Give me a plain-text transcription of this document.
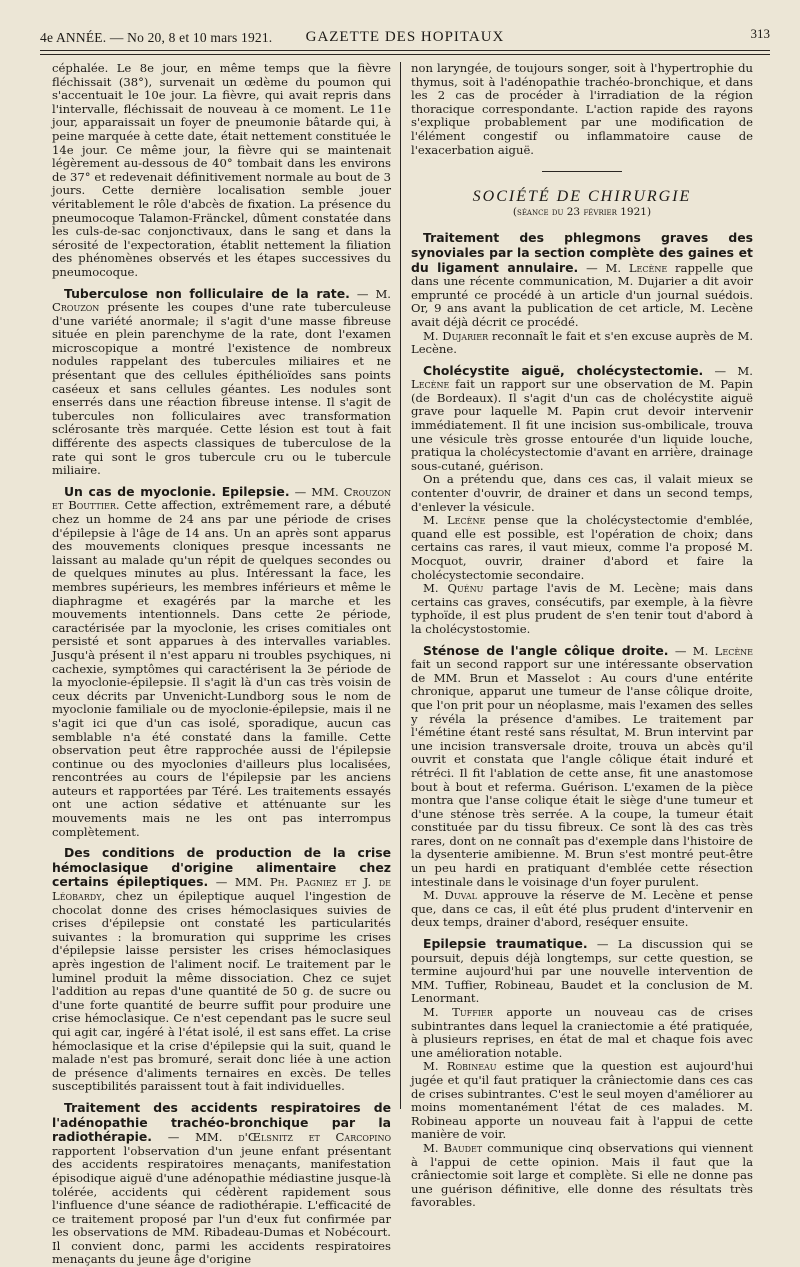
4e ANNÉE. — No 20, 8 et 10 mars 1921.	GAZETTE DES HOPITAUX	313

céphalée. Le 8e jour, en même temps que la fièvre fléchissait (38°), survenait un œdème du poumon qui s'accentuait le 10e jour. La fièvre, qui avait repris dans l'intervalle, fléchissait de nouveau à ce moment. Le 11e jour, apparaissait un foyer de pneumonie bâtarde qui, à peine marquée à cette date, était nettement constituée le 14e jour. Ce même jour, la fièvre qui se maintenait légèrement au-dessous de 40° tombait dans les environs de 37° et redevenait définitivement normale au bout de 3 jours. Cette dernière localisation semble jouer véritablement le rôle d'abcès de fixation. La présence du pneumocoque Talamon-Fränckel, dûment constatée dans les culs-de-sac conjonctivaux, dans le sang et dans la sérosité de l'expectoration, établit nettement la filiation des phénomènes observés et les étapes successives du pneumocoque.

Tuberculose non folliculaire de la rate. — M. Crouzon présente les coupes d'une rate tuberculeuse d'une variété anormale; il s'agit d'une masse fibreuse située en plein parenchyme de la rate, dont l'examen microscopique a montré l'existence de nombreux nodules rappelant des tubercules miliaires et ne présentant que des cellules épithélioïdes sans points caséeux et sans cellules géantes. Les nodules sont enserrés dans une réaction fibreuse intense. Il s'agit de tubercules non folliculaires avec transformation sclérosante très marquée. Cette lésion est tout à fait différente des aspects classiques de tuberculose de la rate qui sont le gros tubercule cru ou le tubercule miliaire.

Un cas de myoclonie. Epilepsie. — MM. Crouzon et Bouttier. Cette affection, extrêmement rare, a débuté chez un homme de 24 ans par une période de crises d'épilepsie à l'âge de 14 ans. Un an après sont apparus des mouvements cloniques presque incessants ne laissant au malade qu'un répit de quelques secondes ou de quelques minutes au plus. Intéressant la face, les membres supérieurs, les membres inférieurs et même le diaphragme et exagérés par la marche et les mouvements intentionnels. Dans cette 2e période, caractérisée par la myoclonie, les crises comitiales ont persisté et sont apparues à des intervalles variables. Jusqu'à présent il n'est apparu ni troubles psychiques, ni cachexie, symptômes qui caractérisent la 3e période de la myoclonie-épilepsie. Il s'agit là d'un cas très voisin de ceux décrits par Unvenicht-Lundborg sous le nom de myoclonie familiale ou de myoclonie-épilepsie, mais il ne s'agit ici que d'un cas isolé, sporadique, aucun cas semblable n'a été constaté dans la famille. Cette observation peut être rapprochée aussi de l'épilepsie continue ou des myoclonies d'ailleurs plus localisées, rencontrées au cours de l'épilepsie par les anciens auteurs et rapportées par Téré. Les traitements essayés ont une action sédative et atténuante sur les mouvements mais ne les ont pas interrompus complètement.

Des conditions de production de la crise hémoclasique d'origine alimentaire chez certains épileptiques. — MM. Ph. Pagniez et J. de Léobardy, chez un épileptique auquel l'ingestion de chocolat donne des crises hémoclasiques suivies de crises d'épilepsie ont constaté les particularités suivantes : la bromuration qui supprime les crises d'épilepsie laisse persister les crises hémoclasiques après ingestion de l'aliment nocif. Le traitement par le luminel produit la même dissociation. Chez ce sujet l'addition au repas d'une quantité de 50 g. de sucre ou d'une forte quantité de beurre suffit pour produire une crise hémoclasique. Ce n'est cependant pas le sucre seul qui agit car, ingéré à l'état isolé, il est sans effet. La crise hémoclasique et la crise d'épilepsie qui la suit, quand le malade n'est pas bromuré, serait donc liée à une action de présence d'aliments ternaires en excès. De telles susceptibilités paraissent tout à fait individuelles.

Traitement des accidents respiratoires de l'adénopathie trachéo-bronchique par la radiothérapie. — MM. d'Œlsnitz et Carcopino rapportent l'observation d'un jeune enfant présentant des accidents respiratoires menaçants, manifestation épisodique aiguë d'une adénopathie médiastine jusque-là tolérée, accidents qui cédèrent rapidement sous l'influence d'une séance de radiothérapie. L'efficacité de ce traitement proposé par l'un d'eux fut confirmée par les observations de MM. Ribadeau-Dumas et Nobécourt. Il convient donc, parmi les accidents respiratoires menaçants du jeune âge d'origine

non laryngée, de toujours songer, soit à l'hypertrophie du thymus, soit à l'adénopathie trachéo-bronchique, et dans les 2 cas de procéder à l'irradiation de la région thoracique correspondante. L'action rapide des rayons s'explique probablement par une modification de l'élément congestif ou inflammatoire cause de l'exacerbation aiguë.

SOCIÉTÉ DE CHIRURGIE
(séance du 23 février 1921)

Traitement des phlegmons graves des synoviales par la section complète des gaines et du ligament annulaire. — M. Lecène rappelle que dans une récente communication, M. Dujarier a dit avoir emprunté ce procédé à un article d'un journal suédois. Or, 9 ans avant la publication de cet article, M. Lecène avait déjà décrit ce procédé.

M. Dujarier reconnaît le fait et s'en excuse auprès de M. Lecène.

Cholécystite aiguë, cholécystectomie. — M. Lecène fait un rapport sur une observation de M. Papin (de Bordeaux). Il s'agit d'un cas de cholécystite aiguë grave pour laquelle M. Papin crut devoir intervenir immédiatement. Il fit une incision sus-ombilicale, trouva une vésicule très grosse entourée d'un liquide louche, pratiqua la cholécystectomie d'avant en arrière, drainage sous-cutané, guérison.

On a prétendu que, dans ces cas, il valait mieux se contenter d'ouvrir, de drainer et dans un second temps, d'enlever la vésicule.

M. Lecène pense que la cholécystectomie d'emblée, quand elle est possible, est l'opération de choix; dans certains cas rares, il vaut mieux, comme l'a proposé M. Mocquot, ouvrir, drainer d'abord et faire la cholécystectomie secondaire.

M. Quénu partage l'avis de M. Lecène; mais dans certains cas graves, consécutifs, par exemple, à la fièvre typhoïde, il est plus prudent de s'en tenir tout d'abord à la cholécystostomie.

Sténose de l'angle côlique droite. — M. Lecène fait un second rapport sur une intéressante observation de MM. Brun et Masselot : Au cours d'une entérite chronique, apparut une tumeur de l'anse côlique droite, que l'on prit pour un néoplasme, mais l'examen des selles y révéla la présence d'amibes. Le traitement par l'émétine étant resté sans résultat, M. Brun intervint par une incision transversale droite, trouva un abcès qu'il ouvrit et constata que l'angle côlique était induré et rétréci. Il fit l'ablation de cette anse, fit une anastomose bout à bout et referma. Guérison. L'examen de la pièce montra que l'anse colique était le siège d'une tumeur et d'une sténose très serrée. A la coupe, la tumeur était constituée par du tissu fibreux. Ce sont là des cas très rares, dont on ne connaît pas d'exemple dans l'histoire de la dysenterie amibienne. M. Brun s'est montré peut-être un peu hardi en pratiquant d'emblée cette résection intestinale dans le voisinage d'un foyer purulent.

M. Duval approuve la réserve de M. Lecène et pense que, dans ce cas, il eût été plus prudent d'intervenir en deux temps, drainer d'abord, reséquer ensuite.

Epilepsie traumatique. — La discussion qui se poursuit, depuis déjà longtemps, sur cette question, se termine aujourd'hui par une nouvelle intervention de MM. Tuffier, Robineau, Baudet et la conclusion de M. Lenormant.

M. Tuffier apporte un nouveau cas de crises subintrantes dans lequel la craniectomie a été pratiquée, à plusieurs reprises, en état de mal et chaque fois avec une amélioration notable.

M. Robineau estime que la question est aujourd'hui jugée et qu'il faut pratiquer la crâniectomie dans ces cas de crises subintrantes. C'est le seul moyen d'améliorer au moins momentanément l'état de ces malades. M. Robineau apporte un nouveau fait à l'appui de cette manière de voir.

M. Baudet communique cinq observations qui viennent à l'appui de cette opinion. Mais il faut que la crâniectomie soit large et complète. Si elle ne donne pas une guérison définitive, elle donne des résultats très favorables.
